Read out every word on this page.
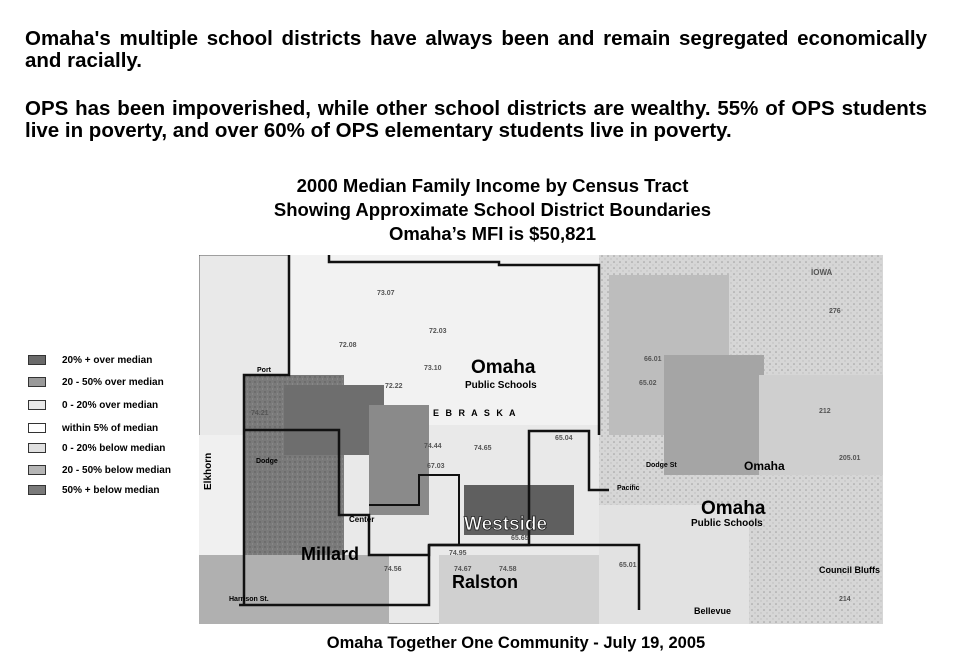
Omaha's multiple school districts have always been and remain segregated economically and racially.
OPS has been impoverished, while other school districts are wealthy. 55% of OPS students live in poverty, and over 60% of OPS elementary students live in poverty.
2000 Median Family Income by Census Tract
Showing Approximate School District Boundaries
Omaha’s MFI is $50,821
20% + over median
20 - 50% over median
0 - 20% over median
within 5% of median
0 - 20% below median
20 - 50% below median
50% + below median
Omaha
Public Schools
E B R A S K A
Westside
Millard
Ralston
Omaha
Public Schools
Omaha
Council Bluffs
Bellevue
IOWA
Elkhorn
Center
Pacific
Dodge
Dodge St
Harrison St.
Port
73.07
72.03
72.08
73.10
72.22
74.44	74.65
65.04
67.03
74.21
65.65
74.95
74.67	74.58
74.56
65.01
65.02
66.01
212
205.01
276
214
Omaha Together One Community - July 19, 2005
